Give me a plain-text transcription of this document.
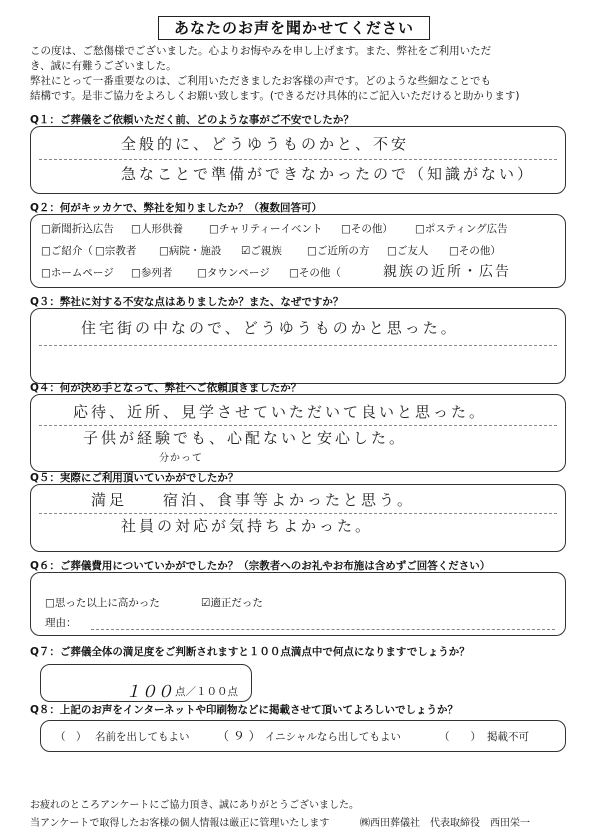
あなたのお声を聞かせてください
この度は、ご愁傷様でございました。心よりお悔やみを申し上げます。また、弊社をご利用いただ
き、誠に有難うございました。
弊社にとって一番重要なのは、ご利用いただきましたお客様の声です。どのような些細なことでも
結構です。是非ご協力をよろしくお願い致します。(できるだけ具体的にご記入いただけると助かります)
Q１：ご葬儀をご依頼いただく前、どのような事がご不安でしたか？
全般的に、どうゆうものかと、不安
急なことで準備ができなかったので（知識がない）
Q２：何がキッカケで、弊社を知りましたか？（複数回答可）
□新聞折込広告 □人形供養 □チャリティーイベント □その他） □ポスティング広告
□ご紹介（ □宗教者 □病院・施設 ☑ご親族 □ご近所の方 □ご友人 □その他）
□ホームページ □参列者 □タウンページ □その他（	親族の近所・広告
Q３：弊社に対する不安な点はありましたか？また、なぜですか？
住宅街の中なので、どうゆうものかと思った。
Q４：何が決め手となって、弊社へご依頼頂きましたか？
応待、近所、見学させていただいて良いと思った。
子供が経験でも、心配ないと安心した。
分かって
Q５：実際にご利用頂いていかがでしたか？
満足　　宿泊、食事等よかったと思う。
社員の対応が気持ちよかった。
Q６：ご葬儀費用についていかがでしたか？（宗教者へのお礼やお布施は含めずご回答ください）
□思った以上に高かった	☑適正だった
理由：
Q７：ご葬儀全体の満足度をご判断されますと１００点満点中で何点になりますでしょうか？
１００ 点／１００点
Q８：上記のお声をインターネットや印刷物などに掲載させて頂いてよろしいでしょうか？
（　） 名前を出してもよい （ ９ ） イニシャルなら出してもよい	（　　） 掲載不可
お疲れのところアンケートにご協力頂き、誠にありがとうございました。
当アンケートで取得したお客様の個人情報は厳正に管理いたします	㈱西田葬儀社　代表取締役　西田栄一
